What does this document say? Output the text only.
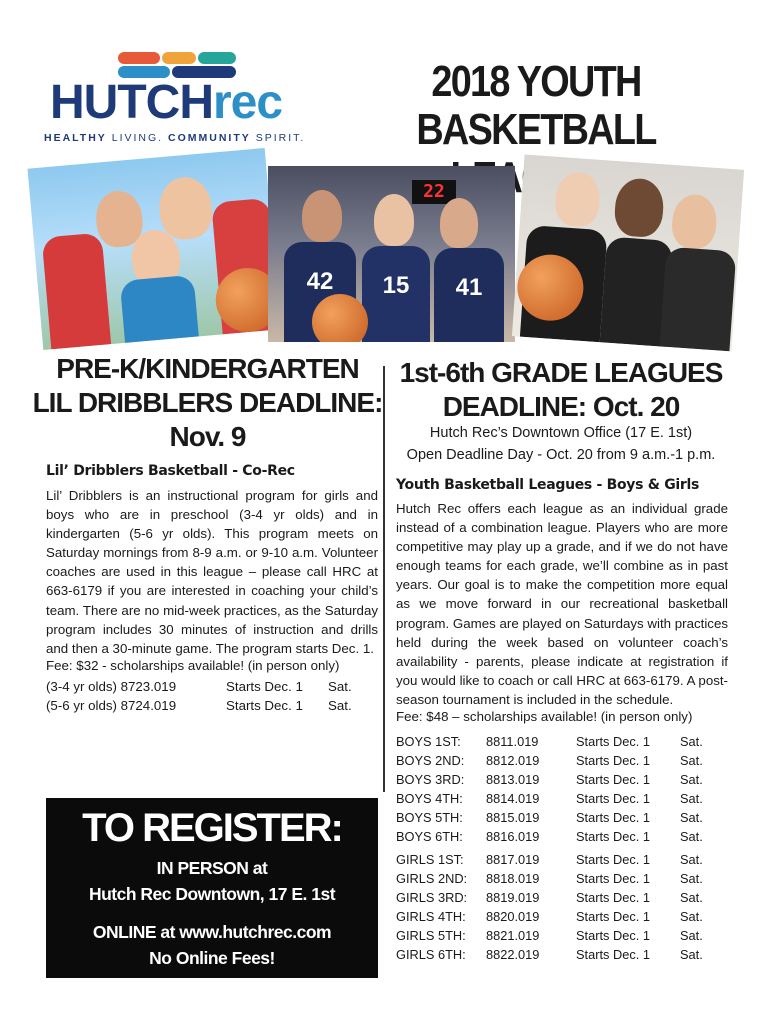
HUTCHrec
HEALTHY LIVING. COMMUNITY SPIRIT.
2018 YOUTH
BASKETBALL
22
42	15	41
PRE-K/KINDERGARTEN
LIL DRIBBLERS DEADLINE:
Nov. 9
Lil’ Dribblers Basketball - Co-Rec
Lil’ Dribblers is an instructional program for girls and boys who are in preschool (3-4 yr olds) and in kindergarten (5-6 yr olds). This program meets on Saturday mornings from 8-9 a.m. or 9-10 a.m. Volunteer coaches are used in this league – please call HRC at 663-6179 if you are interested in coaching your child’s team. There are no mid-week practices, as the Saturday program includes 30 minutes of instruction and drills and then a 30-minute game. The program starts Dec. 1.
Fee: $32 - scholarships available! (in person only)
(3-4 yr olds) 8723.019	Starts Dec. 1 Sat.
(5-6 yr olds) 8724.019	Starts Dec. 1 Sat.
TO REGISTER:
IN PERSON at
Hutch Rec Downtown, 17 E. 1st
ONLINE at www.hutchrec.com
No Online Fees!
1st-6th GRADE LEAGUES
DEADLINE: Oct. 20
Hutch Rec’s Downtown Office (17 E. 1st)
Open Deadline Day - Oct. 20 from 9 a.m.-1 p.m.
Youth Basketball Leagues - Boys & Girls
Hutch Rec offers each league as an individual grade instead of a combination league. Players who are more competitive may play up a grade, and if we do not have enough teams for each grade, we’ll combine as in past years. Our goal is to make the competition more equal as we move forward in our recreational basketball program. Games are played on Saturdays with practices held during the week based on volunteer coach’s availability - parents, please indicate at registration if you would like to coach or call HRC at 663-6179. A post-season tournament is included in the schedule.
Fee: $48 – scholarships available! (in person only)
BOYS 1ST: 8811.019	Starts Dec. 1 Sat.
BOYS 2ND: 8812.019	Starts Dec. 1 Sat.
BOYS 3RD: 8813.019	Starts Dec. 1 Sat.
BOYS 4TH: 8814.019	Starts Dec. 1 Sat.
BOYS 5TH: 8815.019	Starts Dec. 1 Sat.
BOYS 6TH: 8816.019	Starts Dec. 1 Sat.
GIRLS 1ST: 8817.019	Starts Dec. 1 Sat.
GIRLS 2ND: 8818.019	Starts Dec. 1 Sat.
GIRLS 3RD: 8819.019	Starts Dec. 1 Sat.
GIRLS 4TH: 8820.019	Starts Dec. 1 Sat.
GIRLS 5TH: 8821.019	Starts Dec. 1 Sat.
GIRLS 6TH: 8822.019	Starts Dec. 1 Sat.
